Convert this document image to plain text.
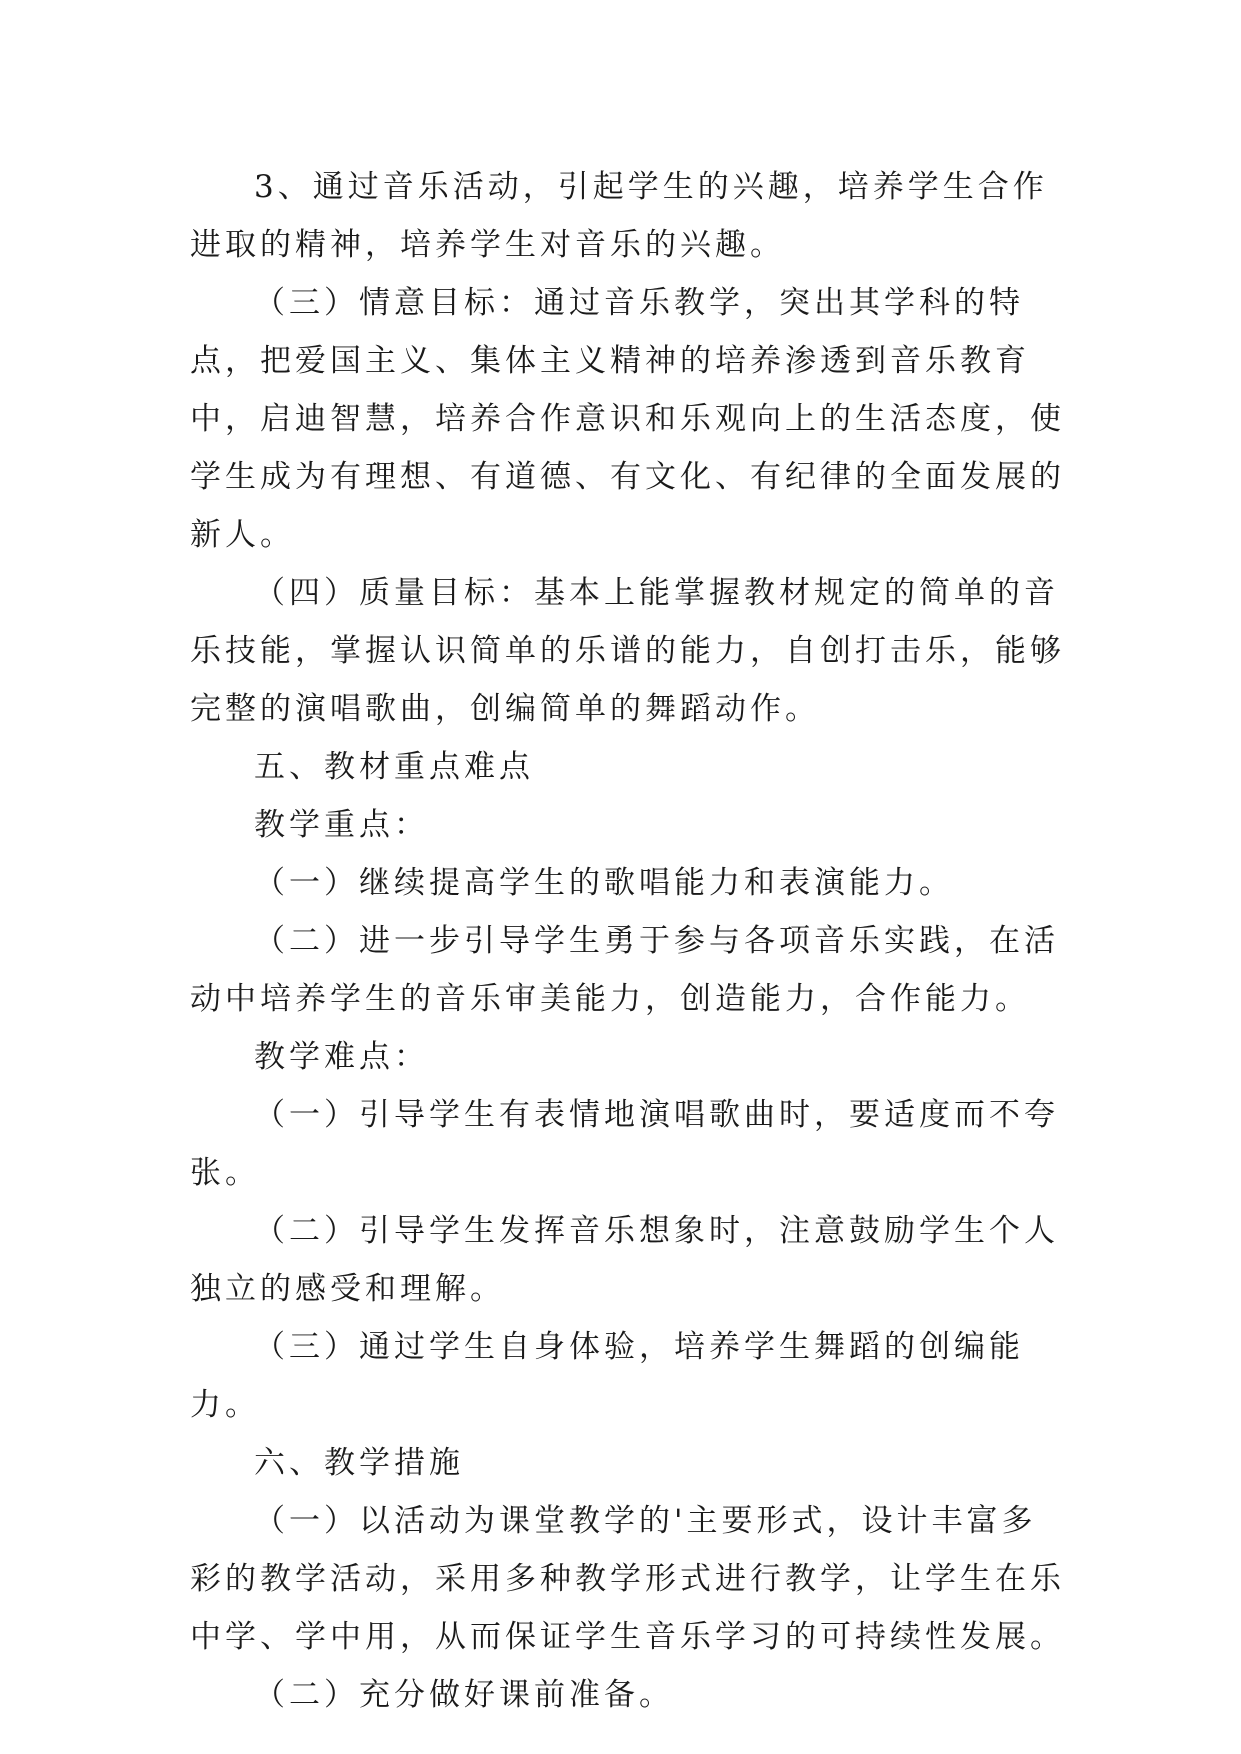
3、通过音乐活动，引起学生的兴趣，培养学生合作进取的精神，培养学生对音乐的兴趣。

（三）情意目标：通过音乐教学，突出其学科的特点，把爱国主义、集体主义精神的培养渗透到音乐教育中，启迪智慧，培养合作意识和乐观向上的生活态度，使学生成为有理想、有道德、有文化、有纪律的全面发展的新人。

（四）质量目标：基本上能掌握教材规定的简单的音乐技能，掌握认识简单的乐谱的能力，自创打击乐，能够完整的演唱歌曲，创编简单的舞蹈动作。

五、教材重点难点

教学重点：

（一）继续提高学生的歌唱能力和表演能力。

（二）进一步引导学生勇于参与各项音乐实践，在活动中培养学生的音乐审美能力，创造能力，合作能力。

教学难点：

（一）引导学生有表情地演唱歌曲时，要适度而不夸张。

（二）引导学生发挥音乐想象时，注意鼓励学生个人独立的感受和理解。

（三）通过学生自身体验，培养学生舞蹈的创编能力。

六、教学措施

（一）以活动为课堂教学的'主要形式，设计丰富多彩的教学活动，采用多种教学形式进行教学，让学生在乐中学、学中用，从而保证学生音乐学习的可持续性发展。

（二）充分做好课前准备。
